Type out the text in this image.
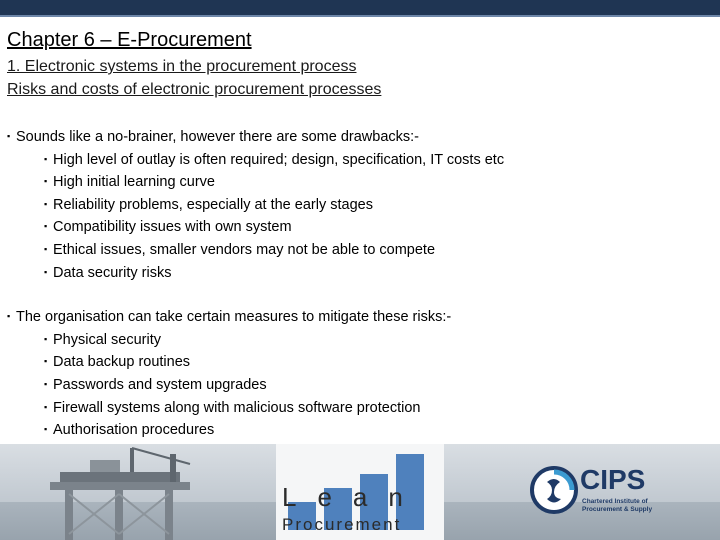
Chapter 6 – E-Procurement
1. Electronic systems in the procurement process
Risks and costs of electronic procurement processes
▪ Sounds like a no-brainer, however there are some drawbacks:-
▪ High level of outlay is often required; design, specification, IT costs etc
▪ High initial learning curve
▪ Reliability problems, especially at the early stages
▪ Compatibility issues with own system
▪ Ethical issues, smaller vendors may not be able to compete
▪ Data security risks
▪ The organisation can take certain measures to mitigate these risks:-
▪ Physical security
▪ Data backup routines
▪ Passwords and system upgrades
▪ Firewall systems along with malicious software protection
▪ Authorisation procedures
Lean
Procurement
CIPS
Chartered Institute of
Procurement & Supply
